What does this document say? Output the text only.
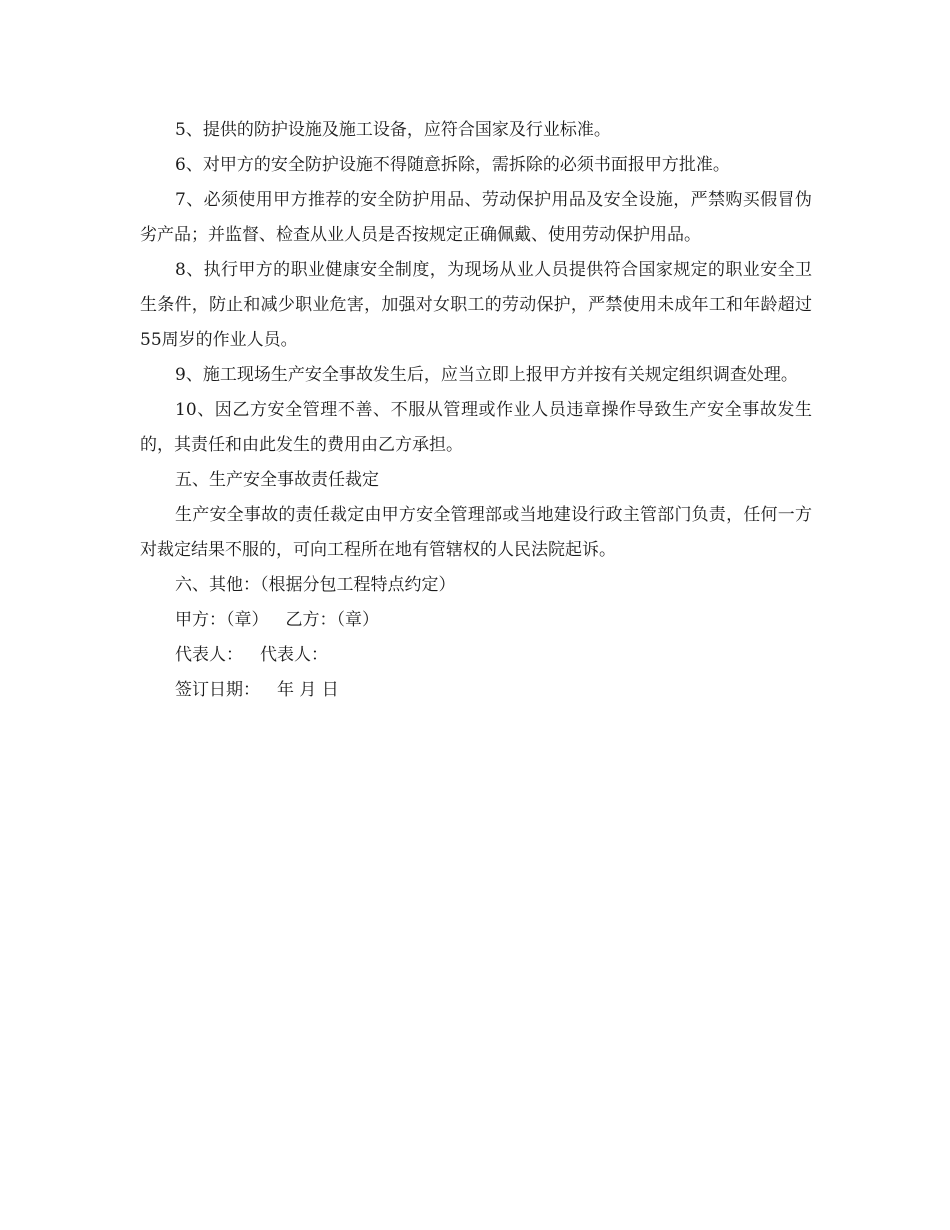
5、提供的防护设施及施工设备，应符合国家及行业标准。

6、对甲方的安全防护设施不得随意拆除，需拆除的必须书面报甲方批准。

7、必须使用甲方推荐的安全防护用品、劳动保护用品及安全设施，严禁购买假冒伪劣产品；并监督、检查从业人员是否按规定正确佩戴、使用劳动保护用品。

8、执行甲方的职业健康安全制度，为现场从业人员提供符合国家规定的职业安全卫生条件，防止和减少职业危害，加强对女职工的劳动保护，严禁使用未成年工和年龄超过55周岁的作业人员。

9、施工现场生产安全事故发生后，应当立即上报甲方并按有关规定组织调查处理。

10、因乙方安全管理不善、不服从管理或作业人员违章操作导致生产安全事故发生的，其责任和由此发生的费用由乙方承担。

五、生产安全事故责任裁定

生产安全事故的责任裁定由甲方安全管理部或当地建设行政主管部门负责，任何一方对裁定结果不服的，可向工程所在地有管辖权的人民法院起诉。

六、其他：（根据分包工程特点约定）

甲方：（章） 乙方：（章）

代表人： 代表人：

签订日期： 年 月 日
